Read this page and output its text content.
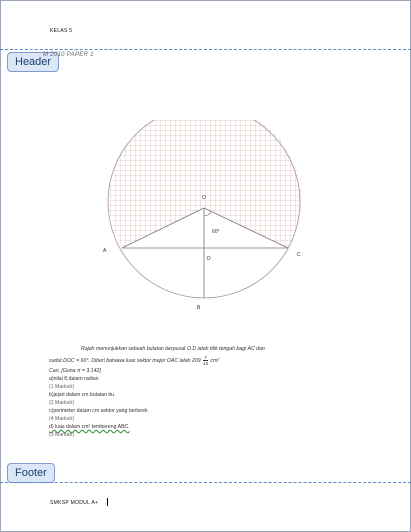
KELAS 5
Header
M 2010 PAPER 1
O
A
C
D
B
60°
Rajah menunjukkan sebuah bulatan berpusat O.D ialah titik tengah bagi AC dan
sudut DOC = 60°. Diberi bahawa luas sektor major OAC ialah $209 \frac{7}{15} cm^2$
Cari, [Guna π = 3.142]
a)nilai θ,dalam radian
(1 Markah)
b)jejari dalam cm bulatan itu.
(2 Markah)
c)perimeter dalam cm sektor yang berlorek
(4 Markah)
d) luas dalam cm² tembereng ABC.
(3 Markah)
Footer
SMKSP MODUL A+
